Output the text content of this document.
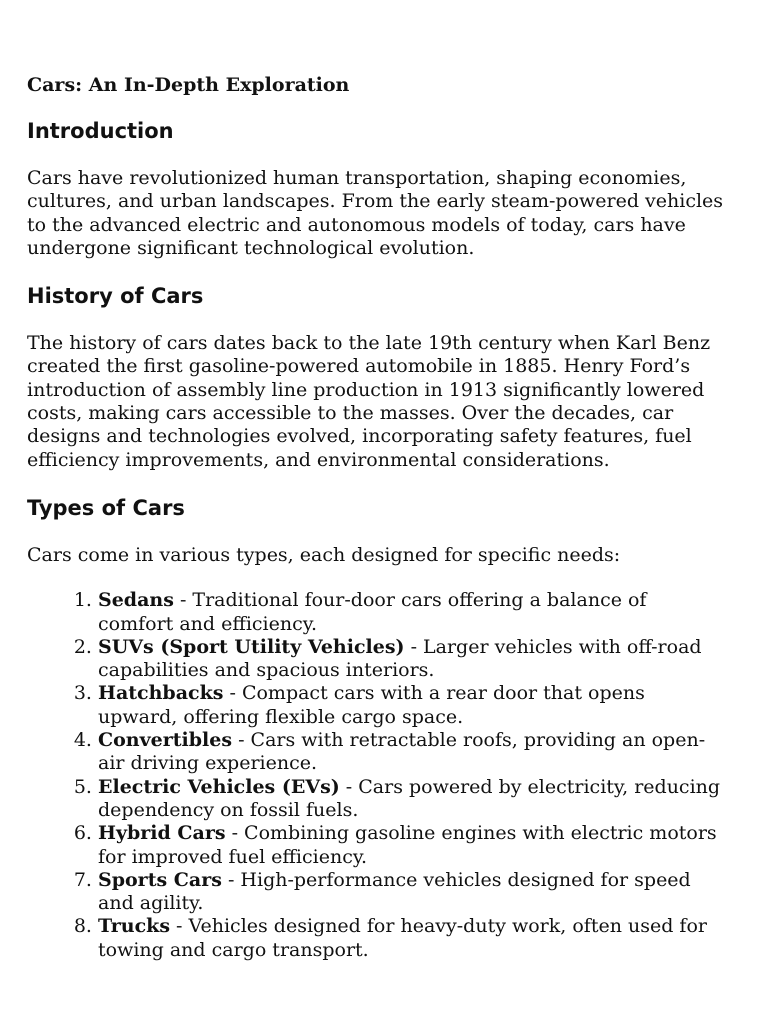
Cars: An In-Depth Exploration
Introduction

Cars have revolutionized human transportation, shaping economies, cultures, and urban landscapes. From the early steam-powered vehicles to the advanced electric and autonomous models of today, cars have undergone significant technological evolution.

History of Cars

The history of cars dates back to the late 19th century when Karl Benz created the first gasoline-powered automobile in 1885. Henry Ford’s introduction of assembly line production in 1913 significantly lowered costs, making cars accessible to the masses. Over the decades, car designs and technologies evolved, incorporating safety features, fuel efficiency improvements, and environmental considerations.

Types of Cars

Cars come in various types, each designed for specific needs:

1. Sedans - Traditional four-door cars offering a balance of comfort and efficiency.
2. SUVs (Sport Utility Vehicles) - Larger vehicles with off-road capabilities and spacious interiors.
3. Hatchbacks - Compact cars with a rear door that opens upward, offering flexible cargo space.
4. Convertibles - Cars with retractable roofs, providing an open-air driving experience.
5. Electric Vehicles (EVs) - Cars powered by electricity, reducing dependency on fossil fuels.
6. Hybrid Cars - Combining gasoline engines with electric motors for improved fuel efficiency.
7. Sports Cars - High-performance vehicles designed for speed and agility.
8. Trucks - Vehicles designed for heavy-duty work, often used for towing and cargo transport.
